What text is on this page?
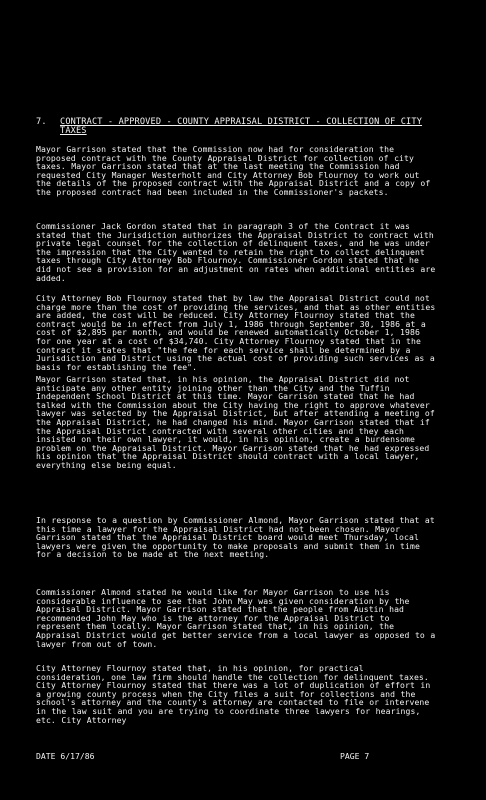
7. CONTRACT - APPROVED - COUNTY APPRAISAL DISTRICT - COLLECTION OF CITY TAXES
Mayor Garrison stated that the Commission now had for consideration the proposed contract with the County Appraisal District for collection of city taxes. Mayor Garrison stated that at the last meeting the Commission had requested City Manager Westerholt and City Attorney Bob Flournoy to work out the details of the proposed contract with the Appraisal District and a copy of the proposed contract had been included in the Commissioner's packets.
Commissioner Jack Gordon stated that in paragraph 3 of the Contract it was stated that the Jurisdiction authorizes the Appraisal District to contract with private legal counsel for the collection of delinquent taxes, and he was under the impression that the City wanted to retain the right to collect delinquent taxes through City Attorney Bob Flournoy. Commissioner Gordon stated that he did not see a provision for an adjustment on rates when additional entities are added.
City Attorney Bob Flournoy stated that by law the Appraisal District could not charge more than the cost of providing the services, and that as other entities are added, the cost will be reduced. City Attorney Flournoy stated that the contract would be in effect from July 1, 1986 through September 30, 1986 at a cost of $2,895 per month, and would be renewed automatically October 1, 1986 for one year at a cost of $34,740. City Attorney Flournoy stated that in the contract it states that "the fee for each service shall be determined by a Jurisdiction and District using the actual cost of providing such services as a basis for establishing the fee".
Mayor Garrison stated that, in his opinion, the Appraisal District did not anticipate any other entity joining other than the City and the Tuffin Independent School District at this time. Mayor Garrison stated that he had talked with the Commission about the City having the right to approve whatever lawyer was selected by the Appraisal District, but after attending a meeting of the Appraisal District, he had changed his mind. Mayor Garrison stated that if the Appraisal District contracted with several other cities and they each insisted on their own lawyer, it would, in his opinion, create a burdensome problem on the Appraisal District. Mayor Garrison stated that he had expressed his opinion that the Appraisal District should contract with a local lawyer, everything else being equal.
In response to a question by Commissioner Almond, Mayor Garrison stated that at this time a lawyer for the Appraisal District had not been chosen. Mayor Garrison stated that the Appraisal District board would meet Thursday, local lawyers were given the opportunity to make proposals and submit them in time for a decision to be made at the next meeting.
Commissioner Almond stated he would like for Mayor Garrison to use his considerable influence to see that John May was given consideration by the Appraisal District. Mayor Garrison stated that the people from Austin had recommended John May who is the attorney for the Appraisal District to represent them locally. Mayor Garrison stated that, in his opinion, the Appraisal District would get better service from a local lawyer as opposed to a lawyer from out of town.
City Attorney Flournoy stated that, in his opinion, for practical consideration, one law firm should handle the collection for delinquent taxes. City Attorney Flournoy stated that there was a lot of duplication of effort in a growing county process when the City files a suit for collections and the school's attorney and the county's attorney are contacted to file or intervene in the law suit and you are trying to coordinate three lawyers for hearings, etc. City Attorney
DATE 6/17/86	PAGE 7
